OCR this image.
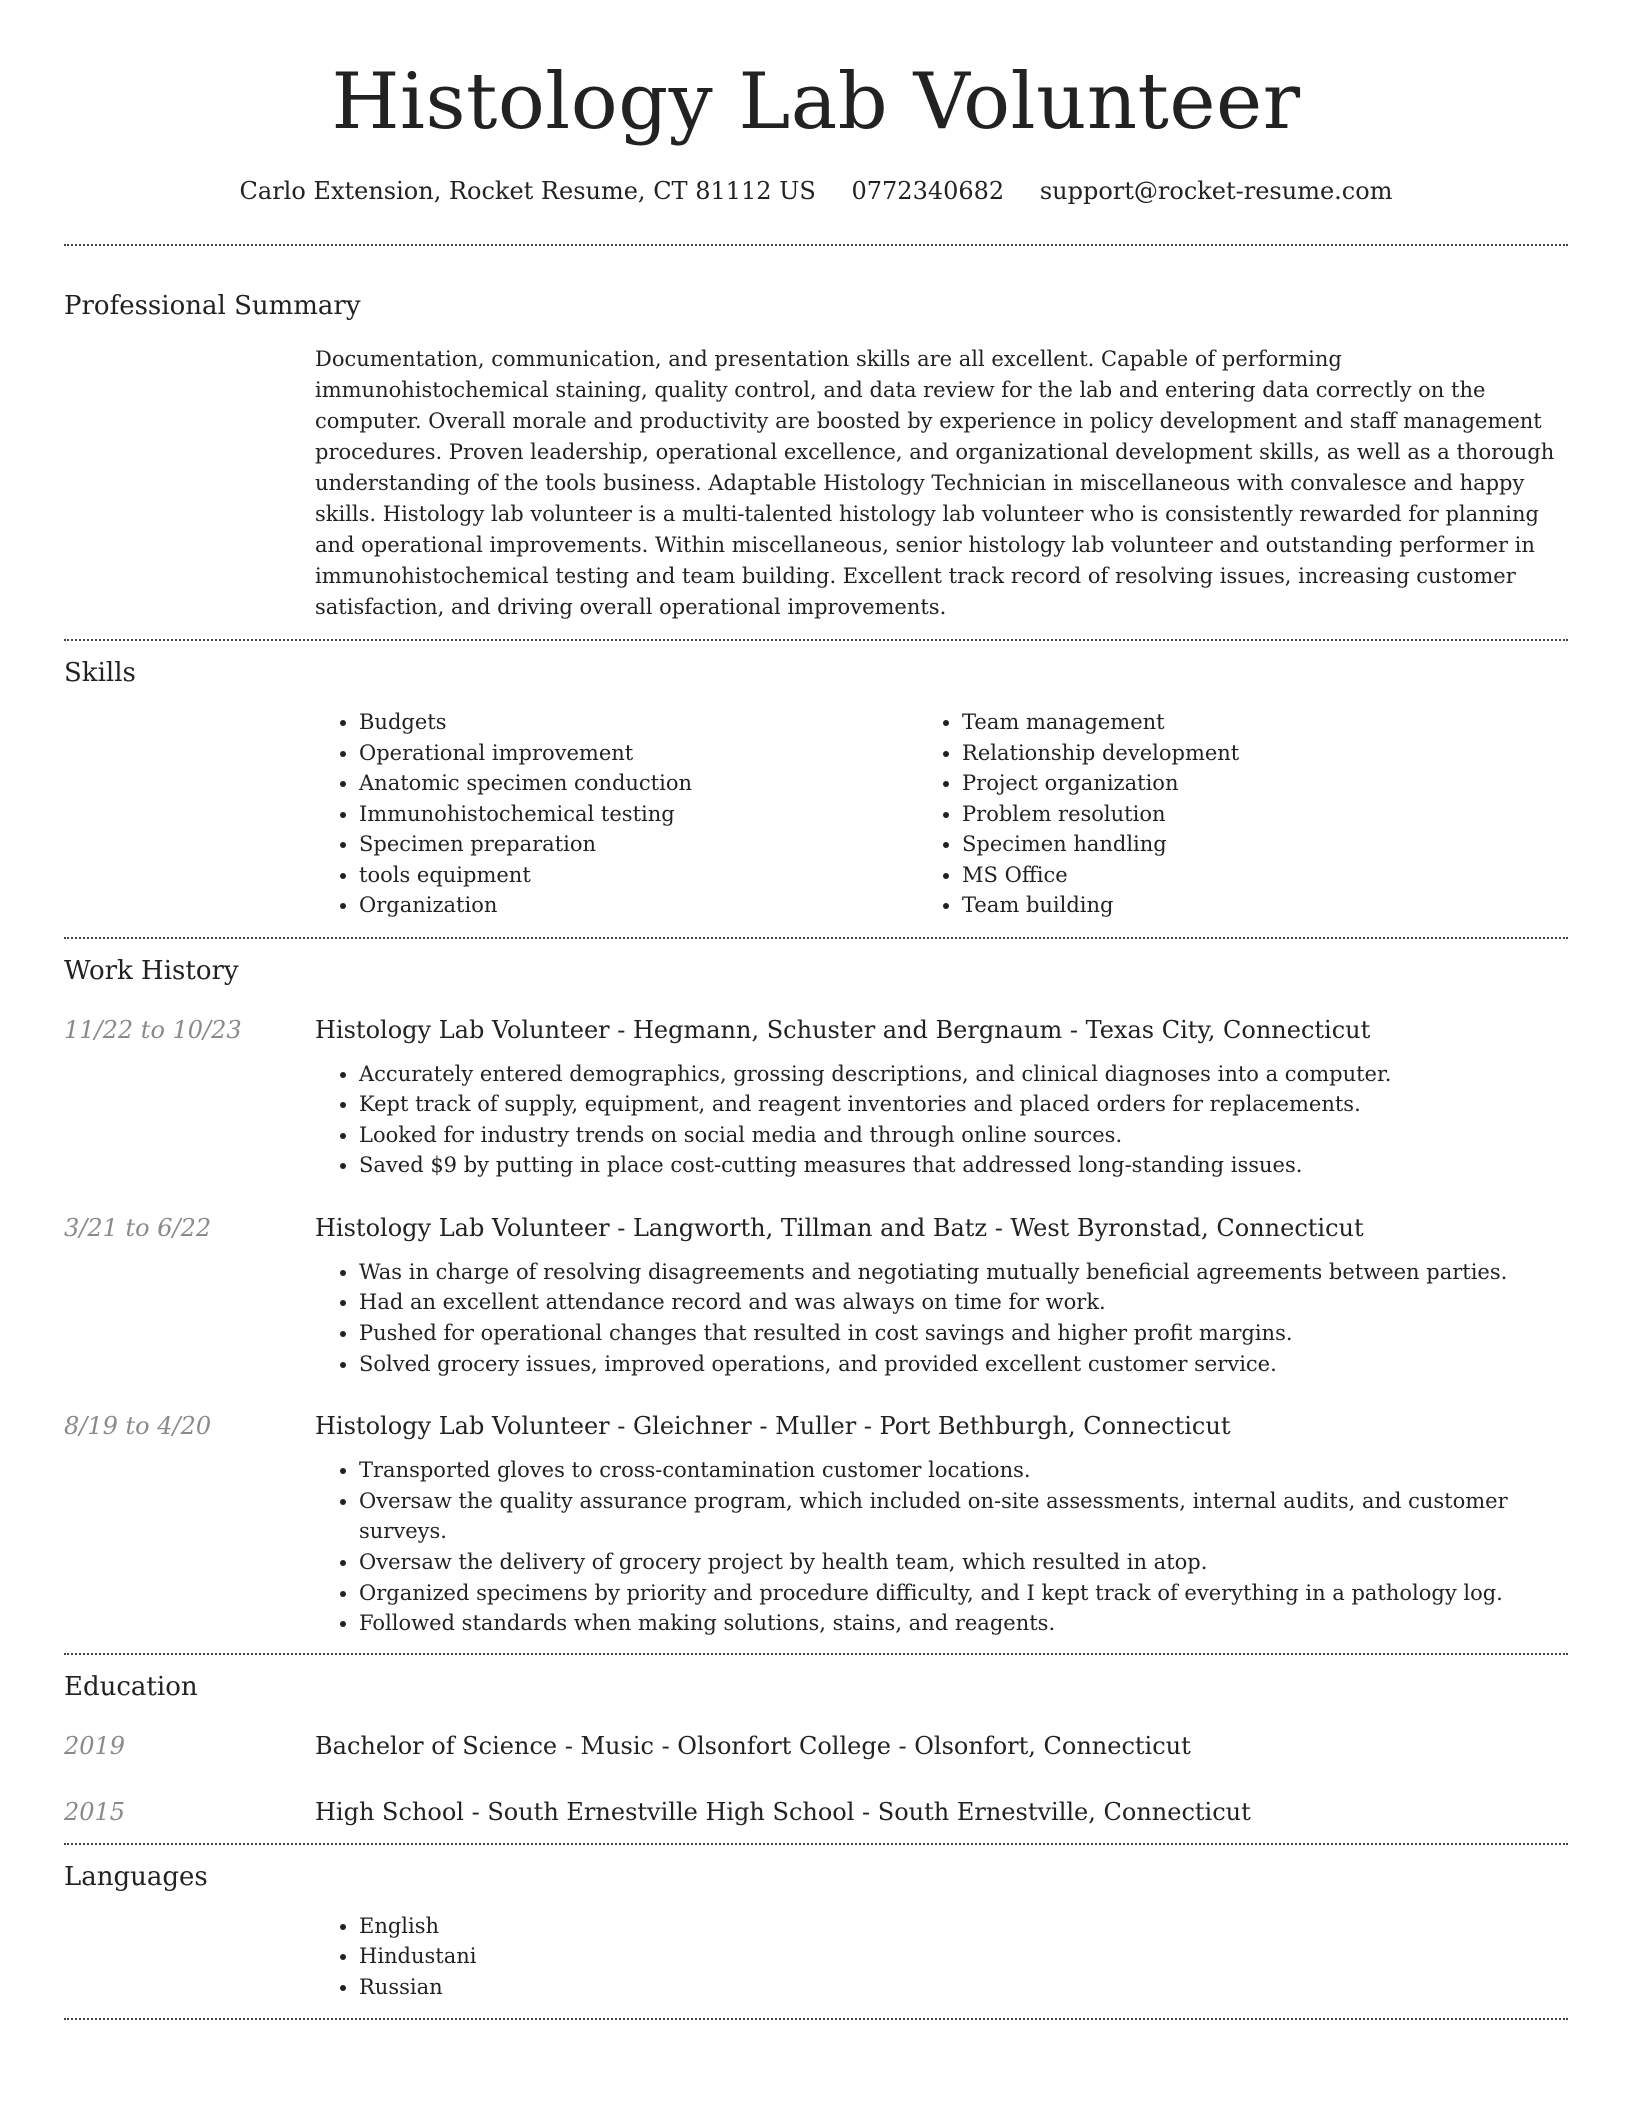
Histology Lab Volunteer
Carlo Extension, Rocket Resume, CT 81112 US 0772340682 support@rocket-resume.com
Professional Summary
Documentation, communication, and presentation skills are all excellent. Capable of performing immunohistochemical staining, quality control, and data review for the lab and entering data correctly on the computer. Overall morale and productivity are boosted by experience in policy development and staff management procedures. Proven leadership, operational excellence, and organizational development skills, as well as a thorough understanding of the tools business. Adaptable Histology Technician in miscellaneous with convalesce and happy skills. Histology lab volunteer is a multi-talented histology lab volunteer who is consistently rewarded for planning and operational improvements. Within miscellaneous, senior histology lab volunteer and outstanding performer in immunohistochemical testing and team building. Excellent track record of resolving issues, increasing customer satisfaction, and driving overall operational improvements.
Skills
• Budgets
• Operational improvement
• Anatomic specimen conduction
• Immunohistochemical testing
• Specimen preparation
• tools equipment
• Organization
• Team management
• Relationship development
• Project organization
• Problem resolution
• Specimen handling
• MS Office
• Team building
Work History
11/22 to 10/23	Histology Lab Volunteer - Hegmann, Schuster and Bergnaum - Texas City, Connecticut
• Accurately entered demographics, grossing descriptions, and clinical diagnoses into a computer.
• Kept track of supply, equipment, and reagent inventories and placed orders for replacements.
• Looked for industry trends on social media and through online sources.
• Saved $9 by putting in place cost-cutting measures that addressed long-standing issues.
3/21 to 6/22	Histology Lab Volunteer - Langworth, Tillman and Batz - West Byronstad, Connecticut
• Was in charge of resolving disagreements and negotiating mutually beneficial agreements between parties.
• Had an excellent attendance record and was always on time for work.
• Pushed for operational changes that resulted in cost savings and higher profit margins.
• Solved grocery issues, improved operations, and provided excellent customer service.
8/19 to 4/20	Histology Lab Volunteer - Gleichner - Muller - Port Bethburgh, Connecticut
• Transported gloves to cross-contamination customer locations.
• Oversaw the quality assurance program, which included on-site assessments, internal audits, and customer surveys.
• Oversaw the delivery of grocery project by health team, which resulted in atop.
• Organized specimens by priority and procedure difficulty, and I kept track of everything in a pathology log.
• Followed standards when making solutions, stains, and reagents.
Education
2019	Bachelor of Science - Music - Olsonfort College - Olsonfort, Connecticut
2015	High School - South Ernestville High School - South Ernestville, Connecticut
Languages
• English
• Hindustani
• Russian
